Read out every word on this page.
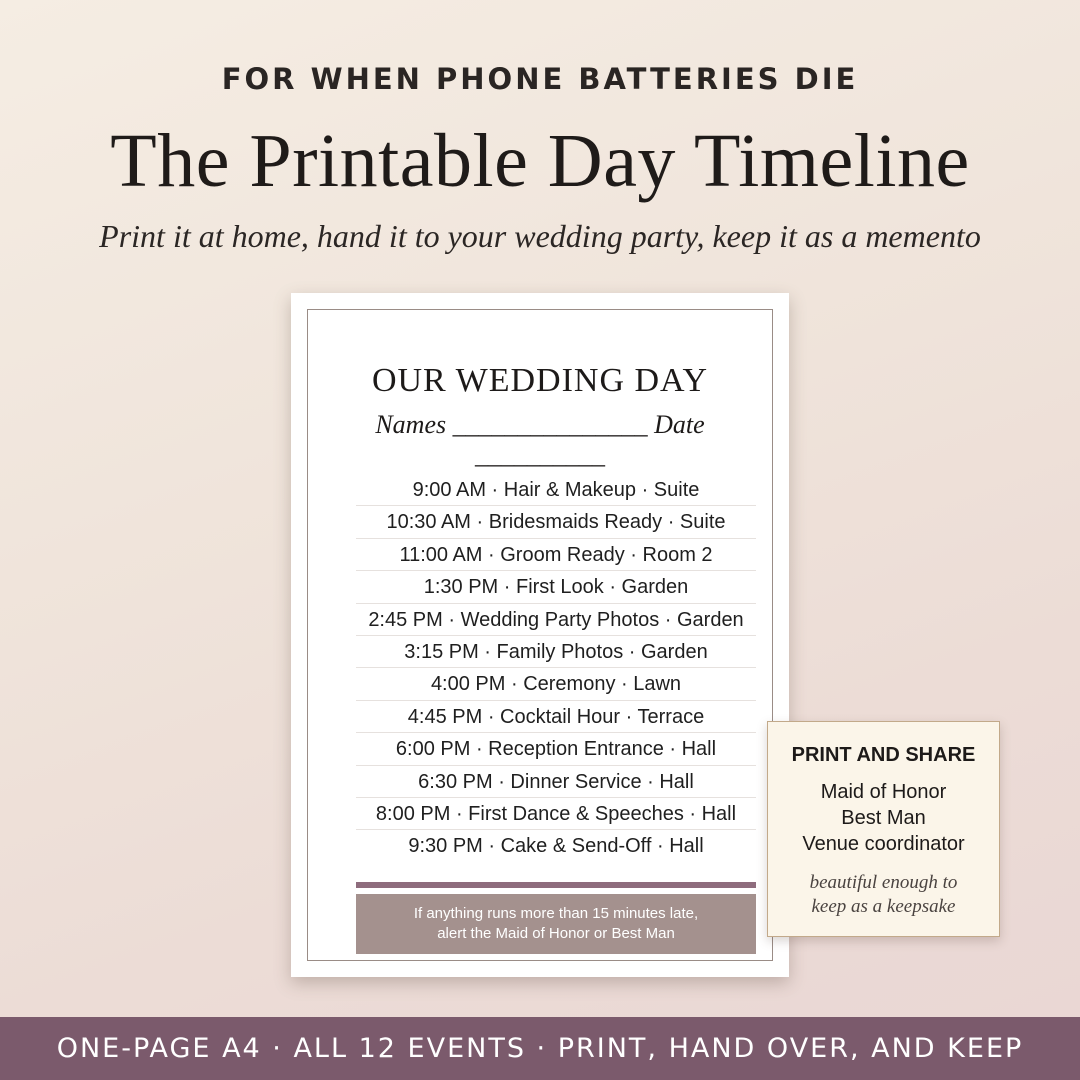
FOR WHEN PHONE BATTERIES DIE
The Printable Day Timeline
Print it at home, hand it to your wedding party, keep it as a memento
OUR WEDDING DAY
Names _______________ Date __________
9:00 AM · Hair & Makeup · Suite
10:30 AM · Bridesmaids Ready · Suite
11:00 AM · Groom Ready · Room 2
1:30 PM · First Look · Garden
2:45 PM · Wedding Party Photos · Garden
3:15 PM · Family Photos · Garden
4:00 PM · Ceremony · Lawn
4:45 PM · Cocktail Hour · Terrace
6:00 PM · Reception Entrance · Hall
6:30 PM · Dinner Service · Hall
8:00 PM · First Dance & Speeches · Hall
9:30 PM · Cake & Send-Off · Hall
If anything runs more than 15 minutes late,
alert the Maid of Honor or Best Man
PRINT AND SHARE
Maid of Honor
Best Man
Venue coordinator
beautiful enough to
keep as a keepsake
ONE-PAGE A4 · ALL 12 EVENTS · PRINT, HAND OVER, AND KEEP
